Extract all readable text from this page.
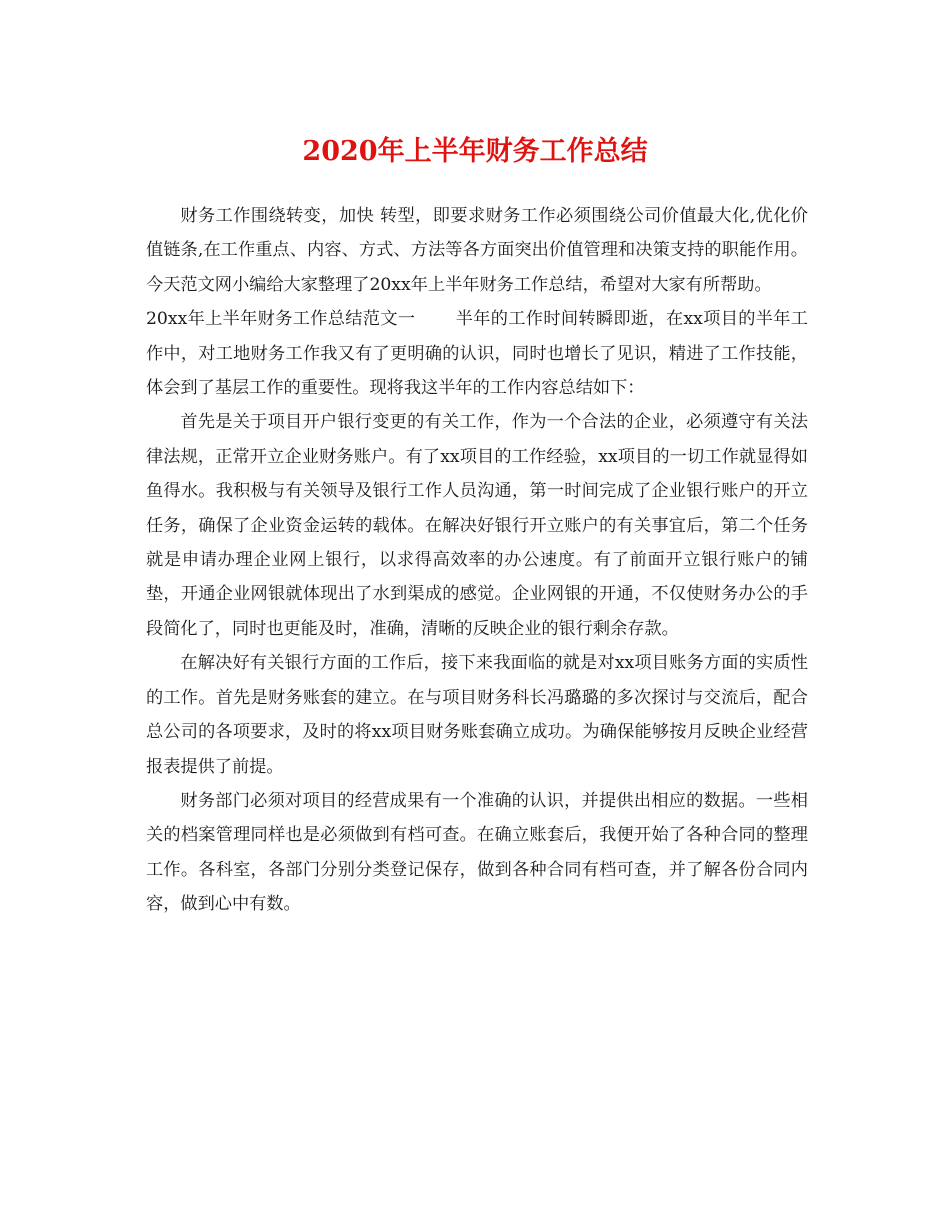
2020年上半年财务工作总结

财务工作围绕转变，加快 转型，即要求财务工作必须围绕公司价值最大化,优化价值链条,在工作重点、内容、方式、方法等各方面突出价值管理和决策支持的职能作用。今天范文网小编给大家整理了20xx年上半年财务工作总结，希望对大家有所帮助。

20xx年上半年财务工作总结范文一 半年的工作时间转瞬即逝，在xx项目的半年工作中，对工地财务工作我又有了更明确的认识，同时也增长了见识，精进了工作技能，体会到了基层工作的重要性。现将我这半年的工作内容总结如下：

首先是关于项目开户银行变更的有关工作，作为一个合法的企业，必须遵守有关法律法规，正常开立企业财务账户。有了xx项目的工作经验，xx项目的一切工作就显得如鱼得水。我积极与有关领导及银行工作人员沟通，第一时间完成了企业银行账户的开立任务，确保了企业资金运转的载体。在解决好银行开立账户的有关事宜后，第二个任务就是申请办理企业网上银行，以求得高效率的办公速度。有了前面开立银行账户的铺垫，开通企业网银就体现出了水到渠成的感觉。企业网银的开通，不仅使财务办公的手段简化了，同时也更能及时，准确，清晰的反映企业的银行剩余存款。

在解决好有关银行方面的工作后，接下来我面临的就是对xx项目账务方面的实质性的工作。首先是财务账套的建立。在与项目财务科长冯璐璐的多次探讨与交流后，配合总公司的各项要求，及时的将xx项目财务账套确立成功。为确保能够按月反映企业经营报表提供了前提。

财务部门必须对项目的经营成果有一个准确的认识，并提供出相应的数据。一些相关的档案管理同样也是必须做到有档可查。在确立账套后，我便开始了各种合同的整理工作。各科室，各部门分别分类登记保存，做到各种合同有档可查，并了解各份合同内容，做到心中有数。
